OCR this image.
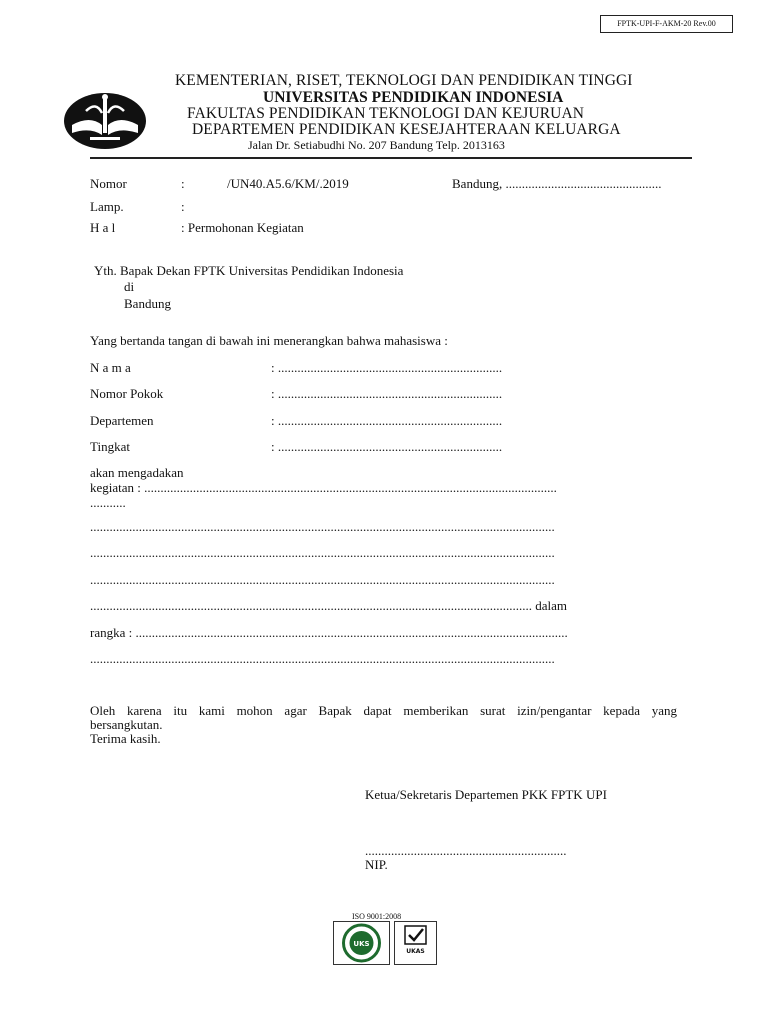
FPTK-UPI-F-AKM-20 Rev.00
KEMENTERIAN, RISET, TEKNOLOGI DAN PENDIDIKAN TINGGI
UNIVERSITAS PENDIDIKAN INDONESIA
FAKULTAS PENDIDIKAN TEKNOLOGI DAN KEJURUAN
DEPARTEMEN PENDIDIKAN KESEJAHTERAAN KELUARGA
Jalan Dr. Setiabudhi No. 207 Bandung Telp. 2013163
Nomor	:	/UN40.A5.6/KM/.2019	Bandung, ................................................
Lamp.	:
H a l	: Permohonan Kegiatan
Yth. Bapak Dekan FPTK Universitas Pendidikan Indonesia
di
Bandung
Yang bertanda tangan di bawah ini menerangkan bahwa mahasiswa :
N a m a	: .....................................................................
Nomor Pokok	: .....................................................................
Departemen	: .....................................................................
Tingkat	: .....................................................................
akan mengadakan
kegiatan : ...............................................................................................................................
...........
...............................................................................................................................................
...............................................................................................................................................
...............................................................................................................................................
........................................................................................................................................ dalam
rangka : .....................................................................................................................................
...............................................................................................................................................
Oleh karena itu kami mohon agar Bapak dapat memberikan surat izin/pengantar kepada yang
bersangkutan.
Terima kasih.
Ketua/Sekretaris Departemen PKK FPTK UPI
..............................................................
NIP.
ISO 9001:2008
UKS
UKAS
